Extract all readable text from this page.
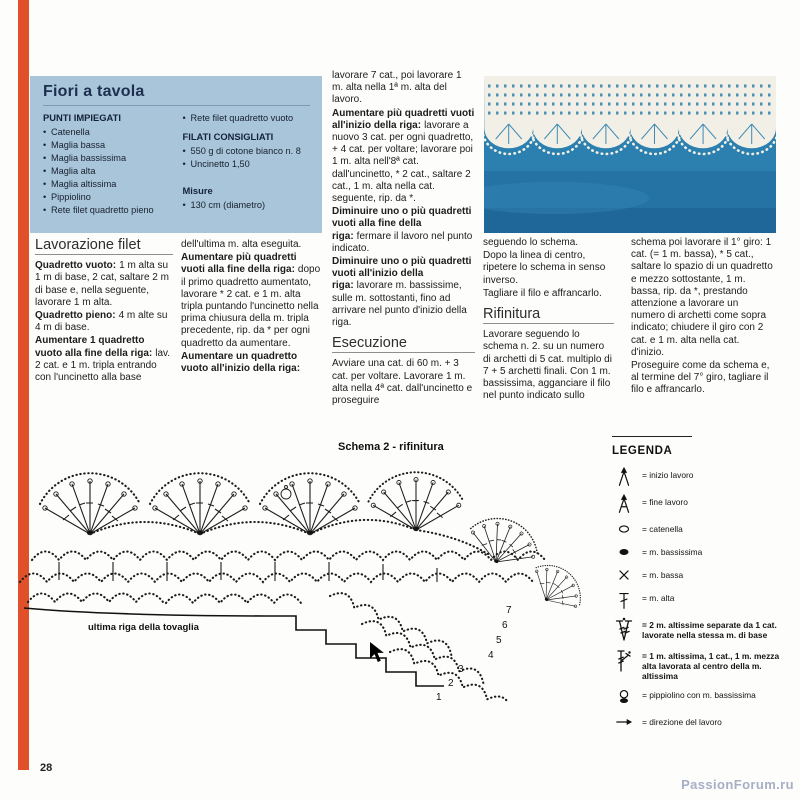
Fiori a tavola
PUNTI IMPIEGATI
• Catenella
• Maglia bassa
• Maglia bassissima
• Maglia alta
• Maglia altissima
• Pippiolino
• Rete filet quadretto pieno
• Rete filet quadretto vuoto
FILATI CONSIGLIATI
• 550 g di cotone bianco n. 8
• Uncinetto 1,50
Misure
• 130 cm (diametro)
Lavorazione filet

Quadretto vuoto: 1 m alta su 1 m di base, 2 cat, saltare 2 m di base e, nella seguente, lavorare 1 m alta.

Quadretto pieno: 4 m alte su 4 m di base.

Aumentare 1 quadretto vuoto alla fine della riga: lav. 2 cat. e 1 m. tripla entrando con l'uncinetto alla base

dell'ultima m. alta eseguita.

Aumentare più quadretti vuoti alla fine della riga: dopo il primo quadretto aumentato, lavorare * 2 cat. e 1 m. alta tripla puntando l'uncinetto nella prima chiusura della m. tripla precedente, rip. da * per ogni quadretto da aumentare.

Aumentare un quadretto vuoto all'inizio della riga:

lavorare 7 cat., poi lavorare 1 m. alta nella 1ª m. alta del lavoro.

Aumentare più quadretti vuoti all'inizio della riga: lavorare a nuovo 3 cat. per ogni quadretto, + 4 cat. per voltare; lavorare poi 1 m. alta nell'8ª cat. dall'uncinetto, * 2 cat., saltare 2 cat., 1 m. alta nella cat. seguente, rip. da *.

Diminuire uno o più quadretti vuoti alla fine della riga: fermare il lavoro nel punto indicato.

Diminuire uno o più quadretti vuoti all'inizio della riga: lavorare m. bassissime, sulle m. sottostanti, fino ad arrivare nel punto d'inizio della riga.

Esecuzione

Avviare una cat. di 60 m. + 3 cat. per voltare. Lavorare 1 m. alta nella 4ª cat. dall'uncinetto e proseguire

seguendo lo schema.

Dopo la linea di centro, ripetere lo schema in senso inverso.

Tagliare il filo e affrancarlo.

Rifinitura

Lavorare seguendo lo schema n. 2. su un numero di archetti di 5 cat. multiplo di 7 + 5 archetti finali. Con 1 m. bassissima, agganciare il filo nel punto indicato sullo

schema poi lavorare il 1° giro: 1 cat. (= 1 m. bassa), * 5 cat., saltare lo spazio di un quadretto e mezzo sottostante, 1 m. bassa, rip. da *, prestando attenzione a lavorare un numero di archetti come sopra indicato; chiudere il giro con 2 cat. e 1 m. alta nella cat. d'inizio.

Proseguire come da schema e, al termine del 7° giro, tagliare il filo e affrancarlo.

Schema 2 - rifinitura
ultima riga della tovaglia
1
2
3
4
5
6
7
LEGENDA
= inizio lavoro
= fine lavoro
= catenella
= m. bassissima
= m. bassa
= m. alta
= 2 m. altissime separate da 1 cat. lavorate nella stessa m. di base
= 1 m. altissima, 1 cat., 1 m. mezza alta lavorata al centro della m. altissima
= pippiolino con m. bassissima
= direzione del lavoro
28
PassionForum.ru
